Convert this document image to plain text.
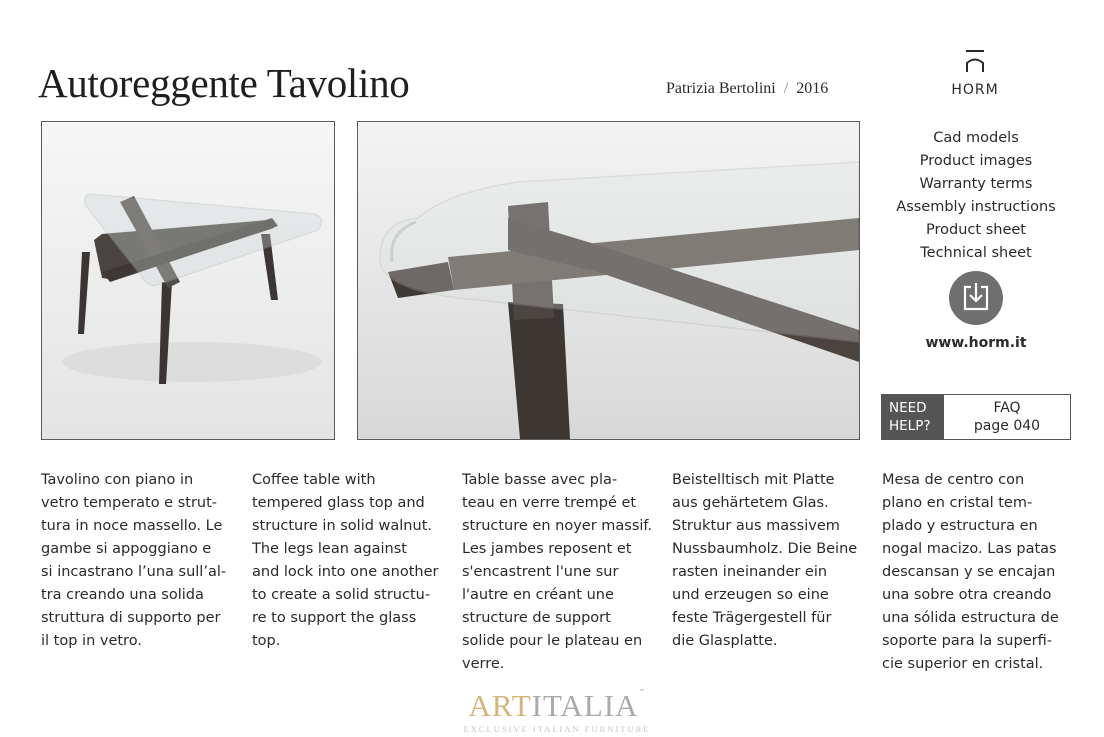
Autoreggente Tavolino	Patrizia Bertolini / 2016	HORM
Cad models
Product images
Warranty terms
Assembly instructions
Product sheet
Technical sheet
www.horm.it
NEED
HELP?
FAQ
page 040
Tavolino con piano in
vetro temperato e strut-
tura in noce massello. Le
gambe si appoggiano e
si incastrano l’una sull’al-
tra creando una solida
struttura di supporto per
il top in vetro.
Coffee table with
tempered glass top and
structure in solid walnut.
The legs lean against
and lock into one another
to create a solid structu-
re to support the glass
top.
Table basse avec pla-
teau en verre trempé et
structure en noyer massif.
Les jambes reposent et
s'encastrent l'une sur
l'autre en créant une
structure de support
solide pour le plateau en
verre.
Beistelltisch mit Platte
aus gehärtetem Glas.
Struktur aus massivem
Nussbaumholz. Die Beine
rasten ineinander ein
und erzeugen so eine
feste Trägergestell für
die Glasplatte.
Mesa de centro con
plano en cristal tem-
plado y estructura en
nogal macizo. Las patas
descansan y se encajan
una sobre otra creando
una sólida estructura de
soporte para la superfi-
cie superior en cristal.
ARTITALIA™
EXCLUSIVE ITALIAN FURNITURE
